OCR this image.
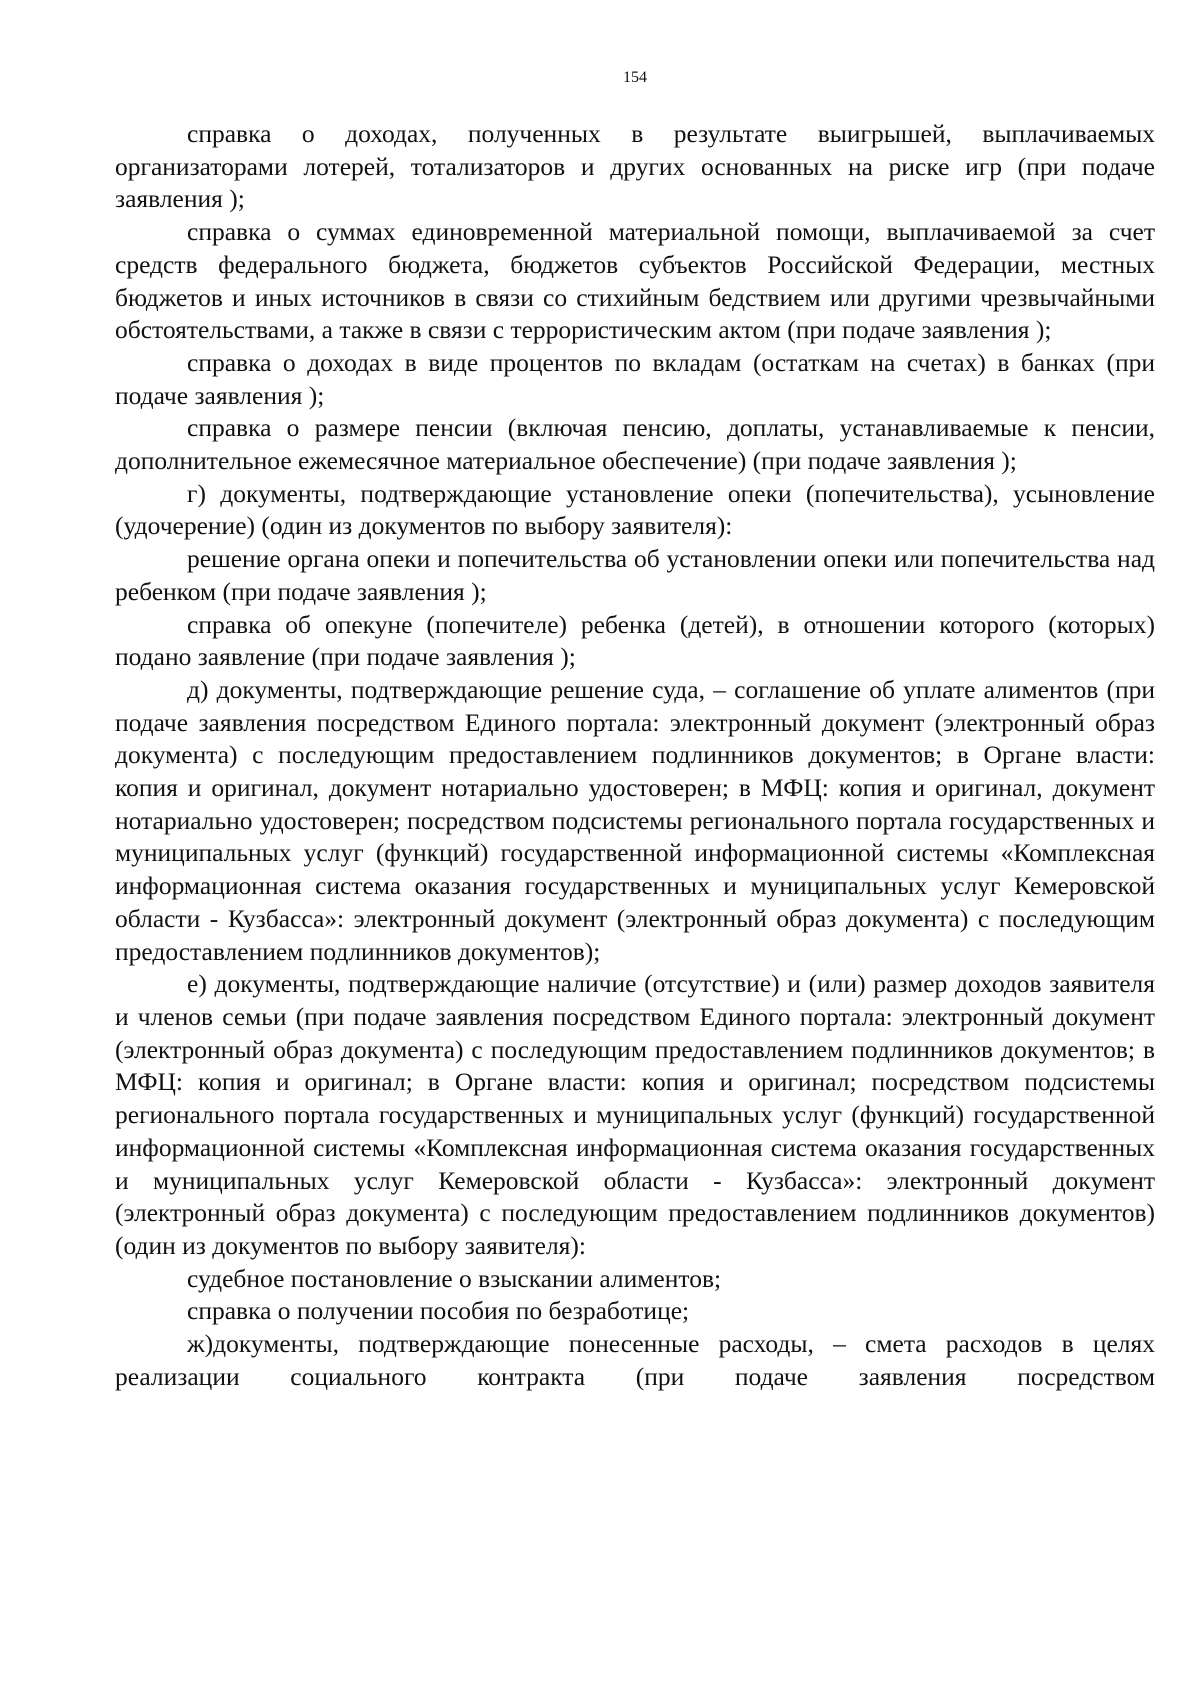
154

справка о доходах, полученных в результате выигрышей, выплачиваемых организаторами лотерей, тотализаторов и других основанных на риске игр (при подаче заявления );

справка о суммах единовременной материальной помощи, выплачиваемой за счет средств федерального бюджета, бюджетов субъектов Российской Федерации, местных бюджетов и иных источников в связи со стихийным бедствием или другими чрезвычайными обстоятельствами, а также в связи с террористическим актом (при подаче заявления );

справка о доходах в виде процентов по вкладам (остаткам на счетах) в банках (при подаче заявления );

справка о размере пенсии (включая пенсию, доплаты, устанавливаемые к пенсии, дополнительное ежемесячное материальное обеспечение) (при подаче заявления );

г) документы, подтверждающие установление опеки (попечительства), усыновление (удочерение) (один из документов по выбору заявителя):

решение органа опеки и попечительства об установлении опеки или попечительства над ребенком (при подаче заявления );

справка об опекуне (попечителе) ребенка (детей), в отношении которого (которых) подано заявление (при подаче заявления );

д) документы, подтверждающие решение суда, – соглашение об уплате алиментов (при подаче заявления посредством Единого портала: электронный документ (электронный образ документа) с последующим предоставлением подлинников документов; в Органе власти: копия и оригинал, документ нотариально удостоверен; в МФЦ: копия и оригинал, документ нотариально удостоверен; посредством подсистемы регионального портала государственных и муниципальных услуг (функций) государственной информационной системы «Комплексная информационная система оказания государственных и муниципальных услуг Кемеровской области - Кузбасса»: электронный документ (электронный образ документа) с последующим предоставлением подлинников документов);

е) документы, подтверждающие наличие (отсутствие) и (или) размер доходов заявителя и членов семьи (при подаче заявления посредством Единого портала: электронный документ (электронный образ документа) с последующим предоставлением подлинников документов; в МФЦ: копия и оригинал; в Органе власти: копия и оригинал; посредством подсистемы регионального портала государственных и муниципальных услуг (функций) государственной информационной системы «Комплексная информационная система оказания государственных и муниципальных услуг Кемеровской области - Кузбасса»: электронный документ (электронный образ документа) с последующим предоставлением подлинников документов) (один из документов по выбору заявителя):

судебное постановление о взыскании алиментов;

справка о получении пособия по безработице;

ж)документы, подтверждающие понесенные расходы, – смета расходов в целях реализации социального контракта (при подаче заявления посредством
